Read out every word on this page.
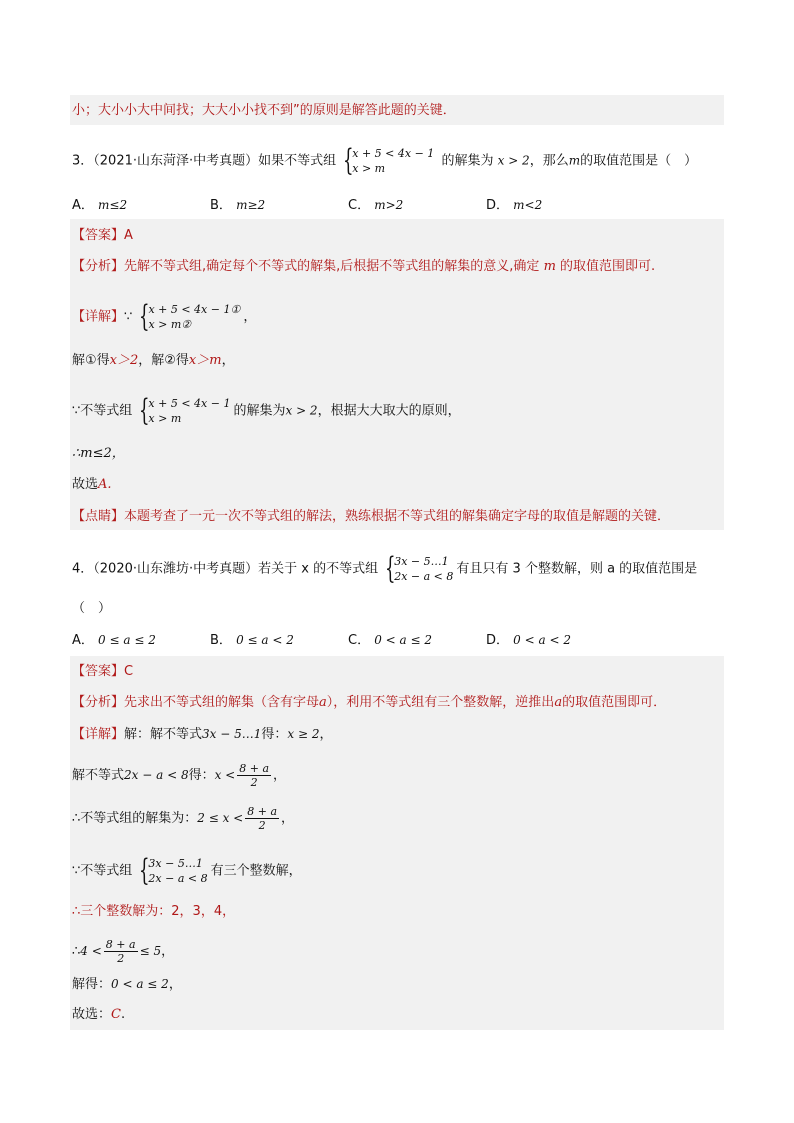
小；大小小大中间找；大大小小找不到”的原则是解答此题的关键．
3．（2021·山东菏泽·中考真题）如果不等式组 {
x + 5 < 4x − 1
x > m	的解集为 x > 2，那么m的取值范围是（　）
A． m≤2	B． m≥2	C． m>2	D． m<2
【答案】A
【分析】先解不等式组,确定每个不等式的解集,后根据不等式组的解集的意义,确定 m 的取值范围即可.
【详解】∵ {
x + 5 < 4x − 1①
x > m②	，
解①得x＞2，解②得x＞m，
∵不等式组 {
x + 5 < 4x − 1
x > m	的解集为x > 2，根据大大取大的原则，
∴m≤2，
故选A.
【点睛】本题考查了一元一次不等式组的解法，熟练根据不等式组的解集确定字母的取值是解题的关键．
4．（2020·山东潍坊·中考真题）若关于 x 的不等式组 {
3x − 5…1
2x − a < 8 有且只有 3 个整数解，则 a 的取值范围是
（　）
A． 0 ≤ a ≤ 2	B． 0 ≤ a < 2	C． 0 < a ≤ 2	D． 0 < a < 2
【答案】C
【分析】先求出不等式组的解集（含有字母a），利用不等式组有三个整数解，逆推出a的取值范围即可．
【详解】解：解不等式3x − 5…1得：x ≥ 2，
解不等式2x − a < 8得：$x < \frac{8 + a}{2}$ ，
∴不等式组的解集为：$2 \le x < \frac{8 + a}{2}$ ，
∵不等式组 {
3x − 5…1
2x − a < 8 有三个整数解，
∴三个整数解为：2，3，4，
∴4 < $\frac{8 + a}{2} \le 5$，
解得：0 < a ≤ 2，
故选：C.
